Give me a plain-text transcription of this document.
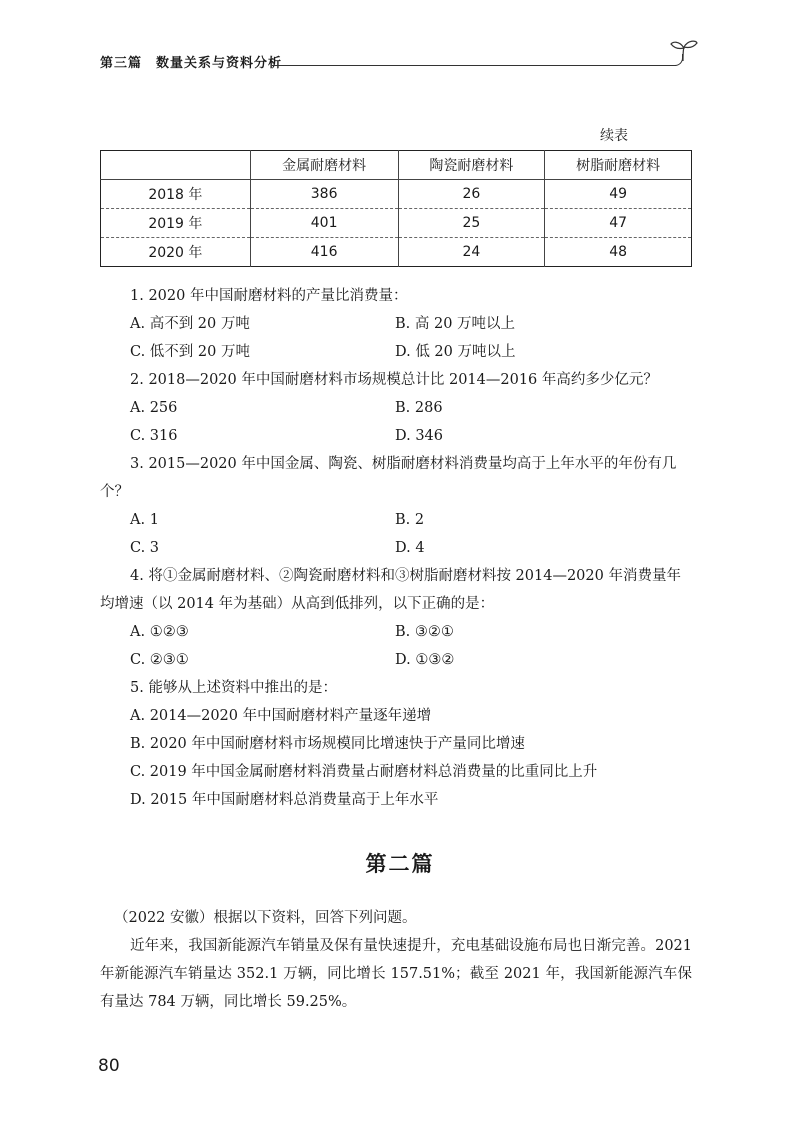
第三篇　数量关系与资料分析
续表
	金属耐磨材料	陶瓷耐磨材料	树脂耐磨材料
2018 年	386	26	49
2019 年	401	25	47
2020 年	416	24	48
1. 2020 年中国耐磨材料的产量比消费量：
A. 高不到 20 万吨	B. 高 20 万吨以上
C. 低不到 20 万吨	D. 低 20 万吨以上
2. 2018—2020 年中国耐磨材料市场规模总计比 2014—2016 年高约多少亿元？
A. 256	B. 286
C. 316	D. 346
3. 2015—2020 年中国金属、陶瓷、树脂耐磨材料消费量均高于上年水平的年份有几个？
A. 1	B. 2
C. 3	D. 4
4. 将①金属耐磨材料、②陶瓷耐磨材料和③树脂耐磨材料按 2014—2020 年消费量年均增速（以 2014 年为基础）从高到低排列，以下正确的是：
A. ①②③	B. ③②①
C. ②③①	D. ①③②
5. 能够从上述资料中推出的是：
A. 2014—2020 年中国耐磨材料产量逐年递增
B. 2020 年中国耐磨材料市场规模同比增速快于产量同比增速
C. 2019 年中国金属耐磨材料消费量占耐磨材料总消费量的比重同比上升
D. 2015 年中国耐磨材料总消费量高于上年水平
第二篇

（2022 安徽）根据以下资料，回答下列问题。

近年来，我国新能源汽车销量及保有量快速提升，充电基础设施布局也日渐完善。2021 年新能源汽车销量达 352.1 万辆，同比增长 157.51%；截至 2021 年，我国新能源汽车保有量达 784 万辆，同比增长 59.25%。

80
